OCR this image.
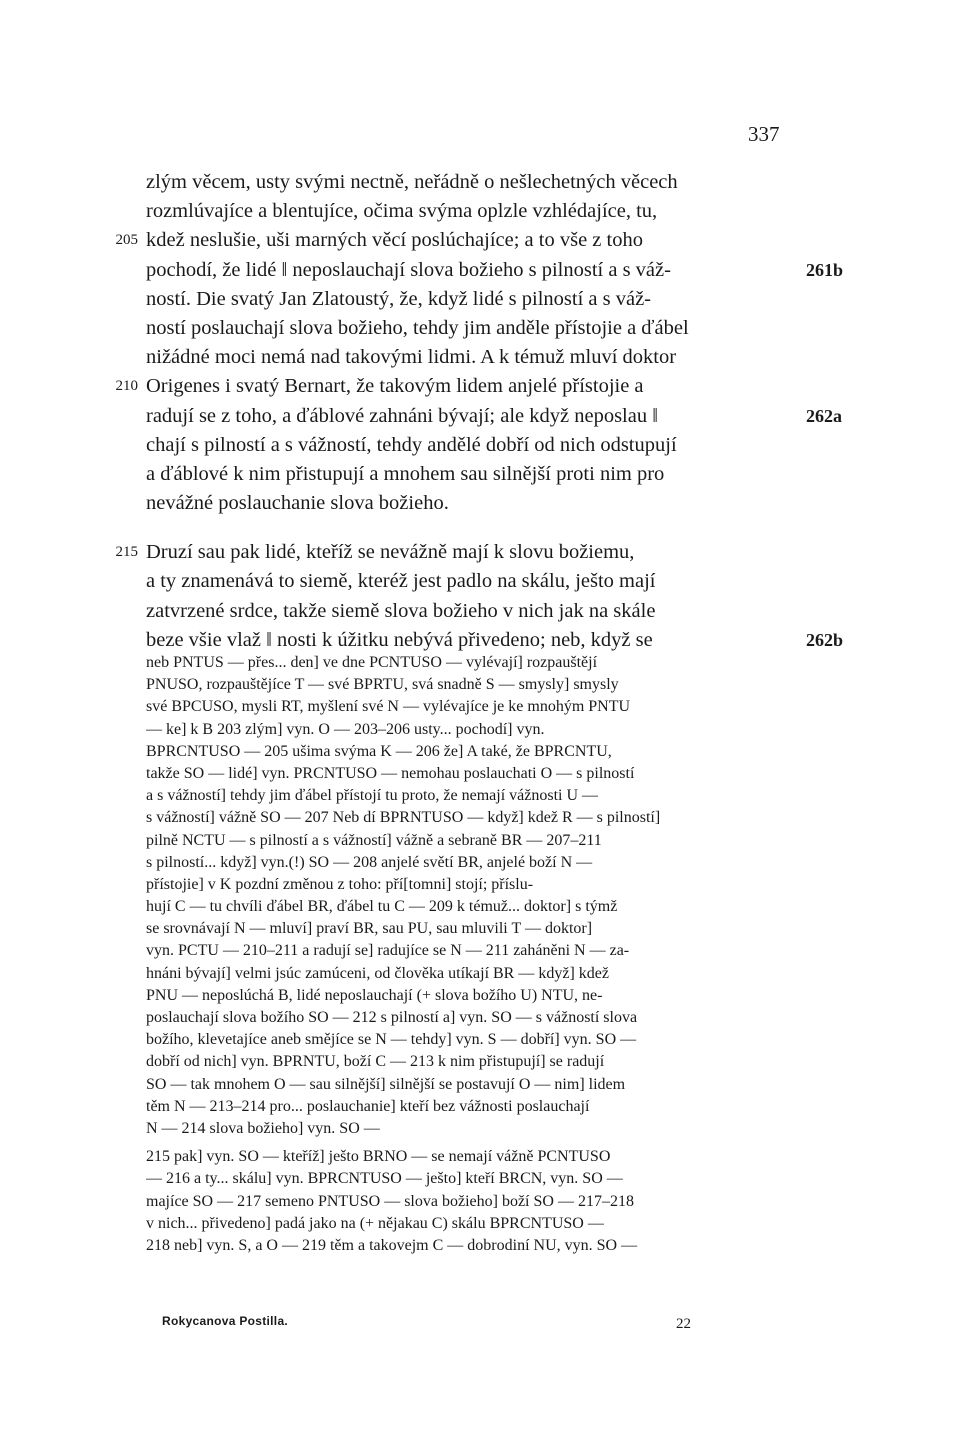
337
zlým věcem, usty svými nectně, neřádně o nešlechetných věcech
rozmlúvajíce a blentujíce, očima svýma oplzle vzhlédajíce, tu,
205 kdež neslušie, uši marných věcí poslúchajíce; a to vše z toho
pochodí, že lidé ‖ neposlauchají slova božieho s pilností a s váž-	261b
ností. Die svatý Jan Zlatoustý, že, když lidé s pilností a s váž-
ností poslauchají slova božieho, tehdy jim anděle přístojie a ďábel
nižádné moci nemá nad takovými lidmi. A k témuž mluví doktor
210 Origenes i svatý Bernart, že takovým lidem anjelé přístojie a
radují se z toho, a ďáblové zahnáni bývají; ale když neposlau ‖	262a
chají s pilností a s vážností, tehdy andělé dobří od nich odstupují
a ďáblové k nim přistupují a mnohem sau silnější proti nim pro
nevážné poslauchanie slova božieho.
215 Druzí sau pak lidé, kteříž se nevážně mají k slovu božiemu,
a ty znamenává to siemě, kteréž jest padlo na skálu, ješto mají
zatvrzené srdce, takže siemě slova božieho v nich jak na skále
beze všie vlaž ‖ nosti k úžitku nebývá přivedeno; neb, když se	262b
neb PNTUS — přes... den] ve dne PCNTUSO — vylévají] rozpauštějí
PNUSO, rozpauštějíce T — své BPRTU, svá snadně S — smysly] smysly
své BPCUSO, mysli RT, myšlení své N — vylévajíce je ke mnohým PNTU
— ke] k B 203 zlým] vyn. O — 203–206 usty... pochodí] vyn.
BPRCNTUSO — 205 ušima svýma K — 206 že] A také, že BPRCNTU,
takže SO — lidé] vyn. PRCNTUSO — nemohau poslauchati O — s pilností
a s vážností] tehdy jim ďábel přístojí tu proto, že nemají vážnosti U —
s vážností] vážně SO — 207 Neb dí BPRNTUSO — když] kdež R — s pilností]
pilně NCTU — s pilností a s vážností] vážně a sebraně BR — 207–211
s pilností... když] vyn.(!) SO — 208 anjelé světí BR, anjelé boží N —
přístojie] v K pozdní změnou z toho: pří[tomni] stojí; příslu-
hují C — tu chvíli ďábel BR, ďábel tu C — 209 k témuž... doktor] s týmž
se srovnávají N — mluví] praví BR, sau PU, sau mluvili T — doktor]
vyn. PCTU — 210–211 a radují se] radujíce se N — 211 zaháněni N — za-
hnáni bývají] velmi jsúc zamúceni, od člověka utíkají BR — když] kdež
PNU — neposlúchá B, lidé neposlauchají (+ slova božího U) NTU, ne-
poslauchají slova božího SO — 212 s pilností a] vyn. SO — s vážností slova
božího, klevetajíce aneb smějíce se N — tehdy] vyn. S — dobří] vyn. SO —
dobří od nich] vyn. BPRNTU, boží C — 213 k nim přistupují] se radují
SO — tak mnohem O — sau silnější] silnější se postavují O — nim] lidem
těm N — 213–214 pro... poslauchanie] kteří bez vážnosti poslauchají
N — 214 slova božieho] vyn. SO —
215 pak] vyn. SO — kteříž] ješto BRNO — se nemají vážně PCNTUSO
— 216 a ty... skálu] vyn. BPRCNTUSO — ješto] kteří BRCN, vyn. SO —
majíce SO — 217 semeno PNTUSO — slova božieho] boží SO — 217–218
v nich... přivedeno] padá jako na (+ nějakau C) skálu BPRCNTUSO —
218 neb] vyn. S, a O — 219 těm a takovejm C — dobrodiní NU, vyn. SO —
Rokycanova Postilla.	22
